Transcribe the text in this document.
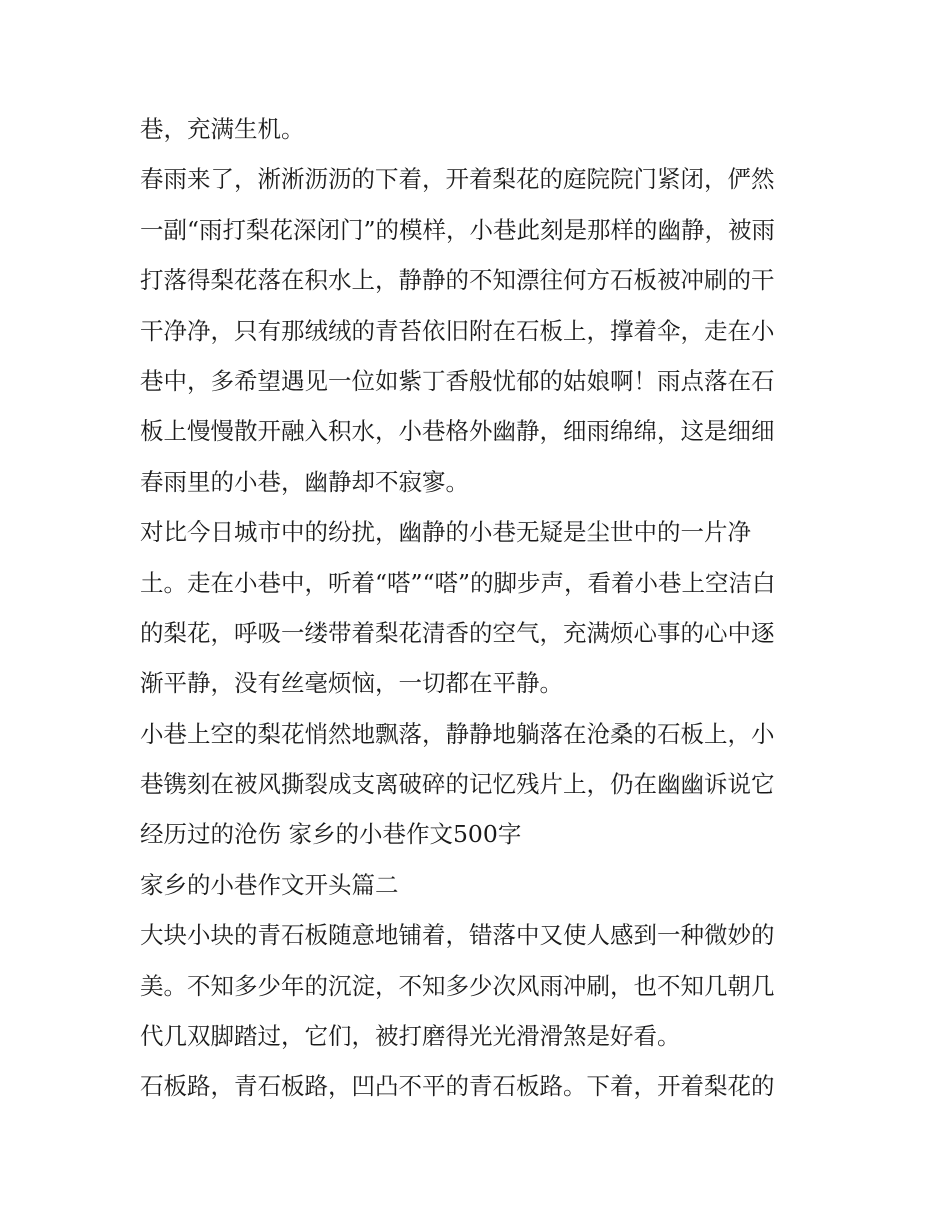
巷，充满生机。
春雨来了，淅淅沥沥的下着，开着梨花的庭院院门紧闭，俨然
一副“雨打梨花深闭门”的模样，小巷此刻是那样的幽静，被雨
打落得梨花落在积水上，静静的不知漂往何方石板被冲刷的干
干净净，只有那绒绒的青苔依旧附在石板上，撑着伞，走在小
巷中，多希望遇见一位如紫丁香般忧郁的姑娘啊！雨点落在石
板上慢慢散开融入积水，小巷格外幽静，细雨绵绵，这是细细
春雨里的小巷，幽静却不寂寥。
对比今日城市中的纷扰，幽静的小巷无疑是尘世中的一片净
土。走在小巷中，听着“嗒”“嗒”的脚步声，看着小巷上空洁白
的梨花，呼吸一缕带着梨花清香的空气，充满烦心事的心中逐
渐平静，没有丝毫烦恼，一切都在平静。
小巷上空的梨花悄然地飘落，静静地躺落在沧桑的石板上，小
巷镌刻在被风撕裂成支离破碎的记忆残片上，仍在幽幽诉说它
经历过的沧伤 家乡的小巷作文500字
家乡的小巷作文开头篇二
大块小块的青石板随意地铺着，错落中又使人感到一种微妙的
美。不知多少年的沉淀，不知多少次风雨冲刷，也不知几朝几
代几双脚踏过，它们，被打磨得光光滑滑煞是好看。
石板路，青石板路，凹凸不平的青石板路。下着，开着梨花的
